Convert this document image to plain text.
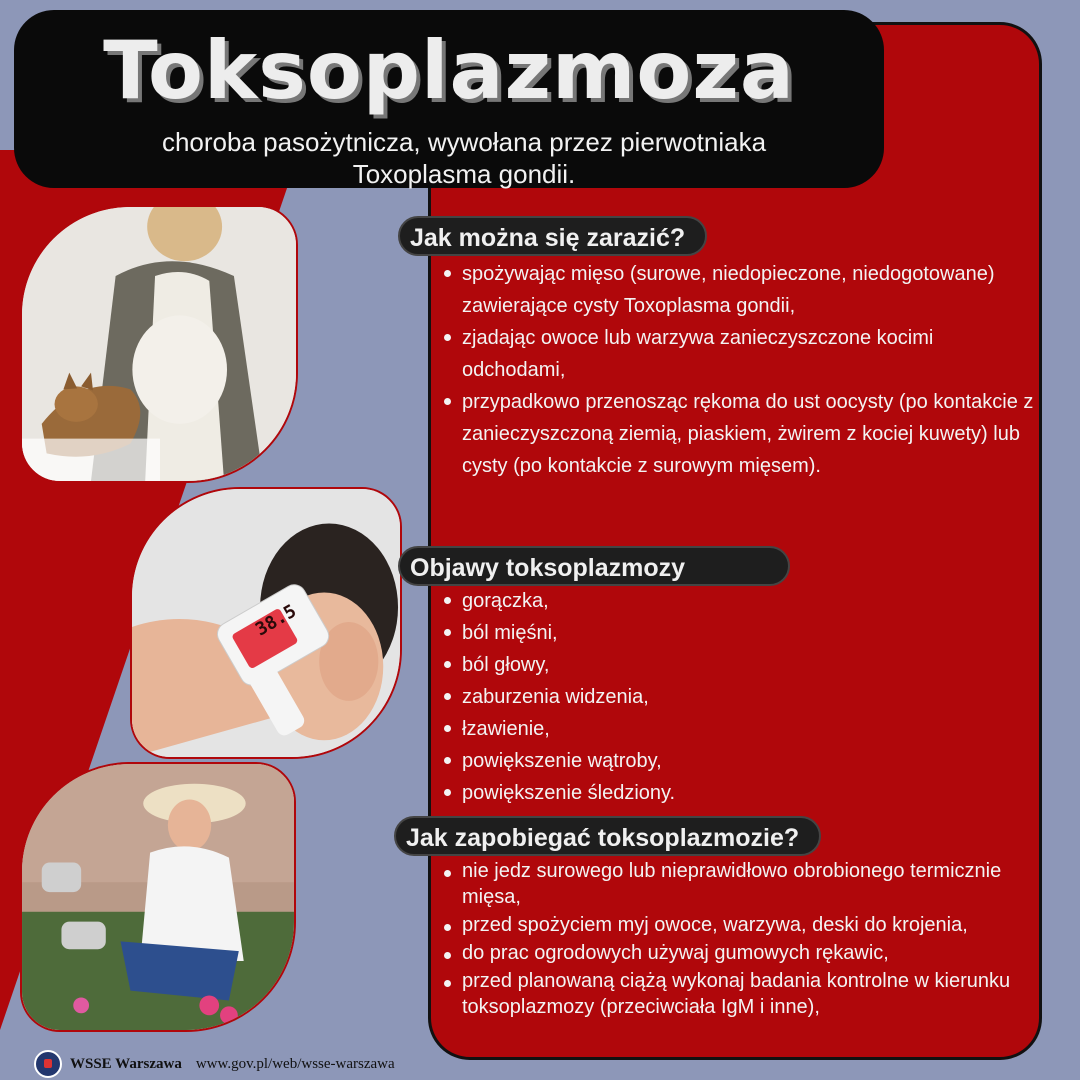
Toksoplazmoza
choroba pasożytnicza, wywołana przez pierwotniaka
Toxoplasma gondii.
38.5
Jak można się zarazić?
spożywając mięso (surowe, niedopieczone, niedogotowane) zawierające cysty Toxoplasma gondii,
zjadając owoce lub warzywa zanieczyszczone kocimi odchodami,
przypadkowo przenosząc rękoma do ust oocysty (po kontakcie z zanieczyszczoną ziemią, piaskiem, żwirem z kociej kuwety) lub cysty (po kontakcie z surowym mięsem).
Objawy toksoplazmozy
gorączka,
ból mięśni,
ból głowy,
zaburzenia widzenia,
łzawienie,
powiększenie wątroby,
powiększenie śledziony.
Jak zapobiegać toksoplazmozie?
nie jedz surowego lub nieprawidłowo obrobionego termicznie mięsa,
przed spożyciem myj owoce, warzywa, deski do krojenia,
do prac ogrodowych używaj gumowych rękawic,
przed planowaną ciążą wykonaj badania kontrolne w kierunku toksoplazmozy (przeciwciała IgM i inne),
WSSE Warszawa www.gov.pl/web/wsse-warszawa
